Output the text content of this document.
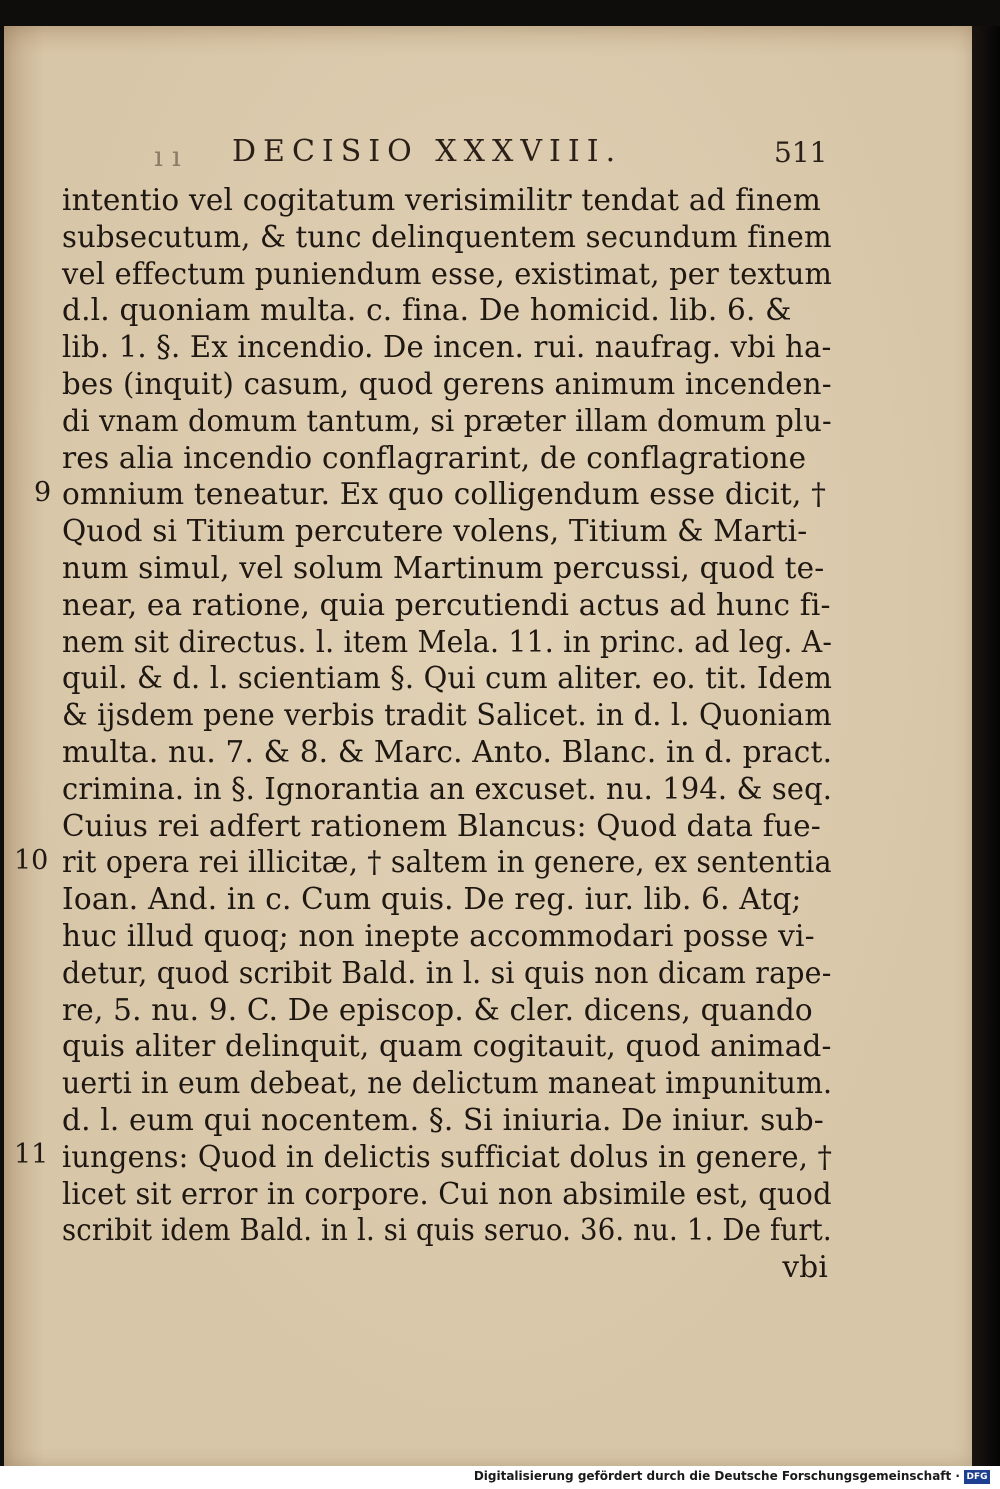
ı ı DECISIO XXXVIII.	511
9
10
11
intentio vel cogitatum verisimilitr tendat ad finem
subsecutum, & tunc delinquentem secundum finem
vel effectum puniendum esse, existimat, per textum
d.l. quoniam multa. c. fina. De homicid. lib. 6. &
lib. 1. §. Ex incendio. De incen. rui. naufrag. vbi ha-
bes (inquit) casum, quod gerens animum incenden-
di vnam domum tantum, si præter illam domum plu-
res alia incendio conflagrarint, de conflagratione
omnium teneatur. Ex quo colligendum esse dicit, †
Quod si Titium percutere volens, Titium & Marti-
num simul, vel solum Martinum percussi, quod te-
near, ea ratione, quia percutiendi actus ad hunc fi-
nem sit directus. l. item Mela. 11. in princ. ad leg. A-
quil. & d. l. scientiam §. Qui cum aliter. eo. tit. Idem
& ijsdem pene verbis tradit Salicet. in d. l. Quoniam
multa. nu. 7. & 8. & Marc. Anto. Blanc. in d. pract.
crimina. in §. Ignorantia an excuset. nu. 194. & seq.
Cuius rei adfert rationem Blancus: Quod data fue-
rit opera rei illicitæ, † saltem in genere, ex sententia
Ioan. And. in c. Cum quis. De reg. iur. lib. 6. Atq;
huc illud quoq; non inepte accommodari posse vi-
detur, quod scribit Bald. in l. si quis non dicam rape-
re, 5. nu. 9. C. De episcop. & cler. dicens, quando
quis aliter delinquit, quam cogitauit, quod animad-
uerti in eum debeat, ne delictum maneat impunitum.
d. l. eum qui nocentem. §. Si iniuria. De iniur. sub-
iungens: Quod in delictis sufficiat dolus in genere, †
licet sit error in corpore. Cui non absimile est, quod
scribit idem Bald. in l. si quis seruo. 36. nu. 1. De furt.
vbi
Digitalisierung gefördert durch die Deutsche Forschungsgemeinschaft · DFG
